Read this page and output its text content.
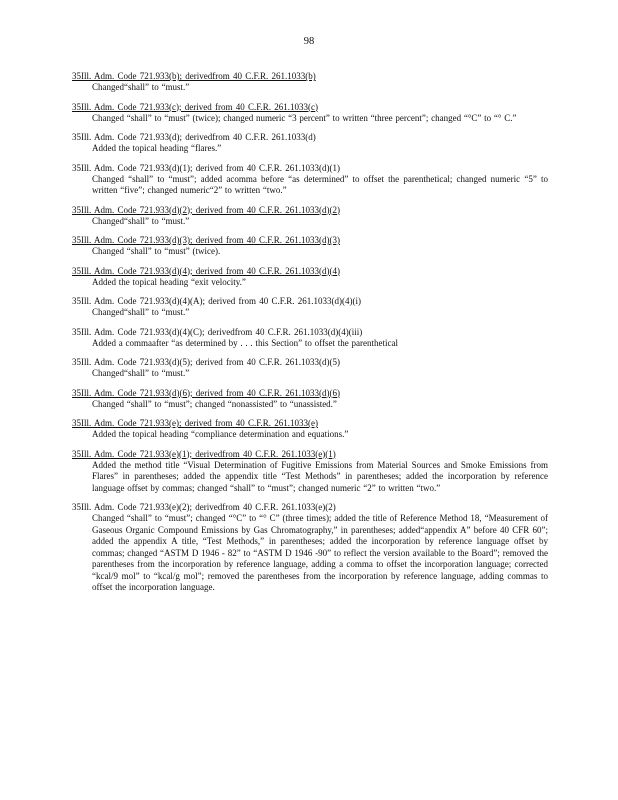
98
35Ill. Adm. Code 721.933(b); derivedfrom 40 C.F.R. 261.1033(b)
Changed“shall” to “must.”
35Ill. Adm. Code 721.933(c); derived from 40 C.F.R. 261.1033(c)
Changed “shall” to “must” (twice); changed numeric “3 percent” to written “three percent”; changed “°C” to “° C.”
35Ill. Adm. Code 721.933(d); derivedfrom 40 C.F.R. 261.1033(d)
Added the topical heading “flares.”
35Ill. Adm. Code 721.933(d)(1); derived from 40 C.F.R. 261.1033(d)(1)
Changed “shall” to “must”; added acomma before “as determined” to offset the parenthetical; changed numeric “5” to written “five”; changed numeric“2” to written “two.”
35Ill. Adm. Code 721.933(d)(2); derived from 40 C.F.R. 261.1033(d)(2)
Changed“shall” to “must.”
35Ill. Adm. Code 721.933(d)(3); derived from 40 C.F.R. 261.1033(d)(3)
Changed “shall” to “must” (twice).
35Ill. Adm. Code 721.933(d)(4); derived from 40 C.F.R. 261.1033(d)(4)
Added the topical heading “exit velocity.”
35Ill. Adm. Code 721.933(d)(4)(A); derived from 40 C.F.R. 261.1033(d)(4)(i)
Changed“shall” to “must.”
35Ill. Adm. Code 721.933(d)(4)(C); derivedfrom 40 C.F.R. 261.1033(d)(4)(iii)
Added a commaafter “as determined by . . . this Section” to offset the parenthetical
35Ill. Adm. Code 721.933(d)(5); derived from 40 C.F.R. 261.1033(d)(5)
Changed“shall” to “must.”
35Ill. Adm. Code 721.933(d)(6); derived from 40 C.F.R. 261.1033(d)(6)
Changed “shall” to “must”; changed “nonassisted” to “unassisted.”
35Ill. Adm. Code 721.933(e); derived from 40 C.F.R. 261.1033(e)
Added the topical heading “compliance determination and equations.”
35Ill. Adm. Code 721.933(e)(1); derivedfrom 40 C.F.R. 261.1033(e)(1)
Added the method title “Visual Determination of Fugitive Emissions from Material Sources and Smoke Emissions from Flares” in parentheses; added the appendix title “Test Methods” in parentheses; added the incorporation by reference language offset by commas; changed “shall” to “must”; changed numeric “2” to written “two.”
35Ill. Adm. Code 721.933(e)(2); derivedfrom 40 C.F.R. 261.1033(e)(2)
Changed “shall” to “must”; changed “°C” to “° C” (three times); added the title of Reference Method 18, “Measurement of Gaseous Organic Compound Emissions by Gas Chromatography,” in parentheses; added“appendix A” before 40 CFR 60”; added the appendix A title, “Test Methods,” in parentheses; added the incorporation by reference language offset by commas; changed “ASTM D 1946 - 82” to “ASTM D 1946 -90” to reflect the version available to the Board”; removed the parentheses from the incorporation by reference language, adding a comma to offset the incorporation language; corrected “kcal/9 mol” to “kcal/g mol”; removed the parentheses from the incorporation by reference language, adding commas to offset the incorporation language.
